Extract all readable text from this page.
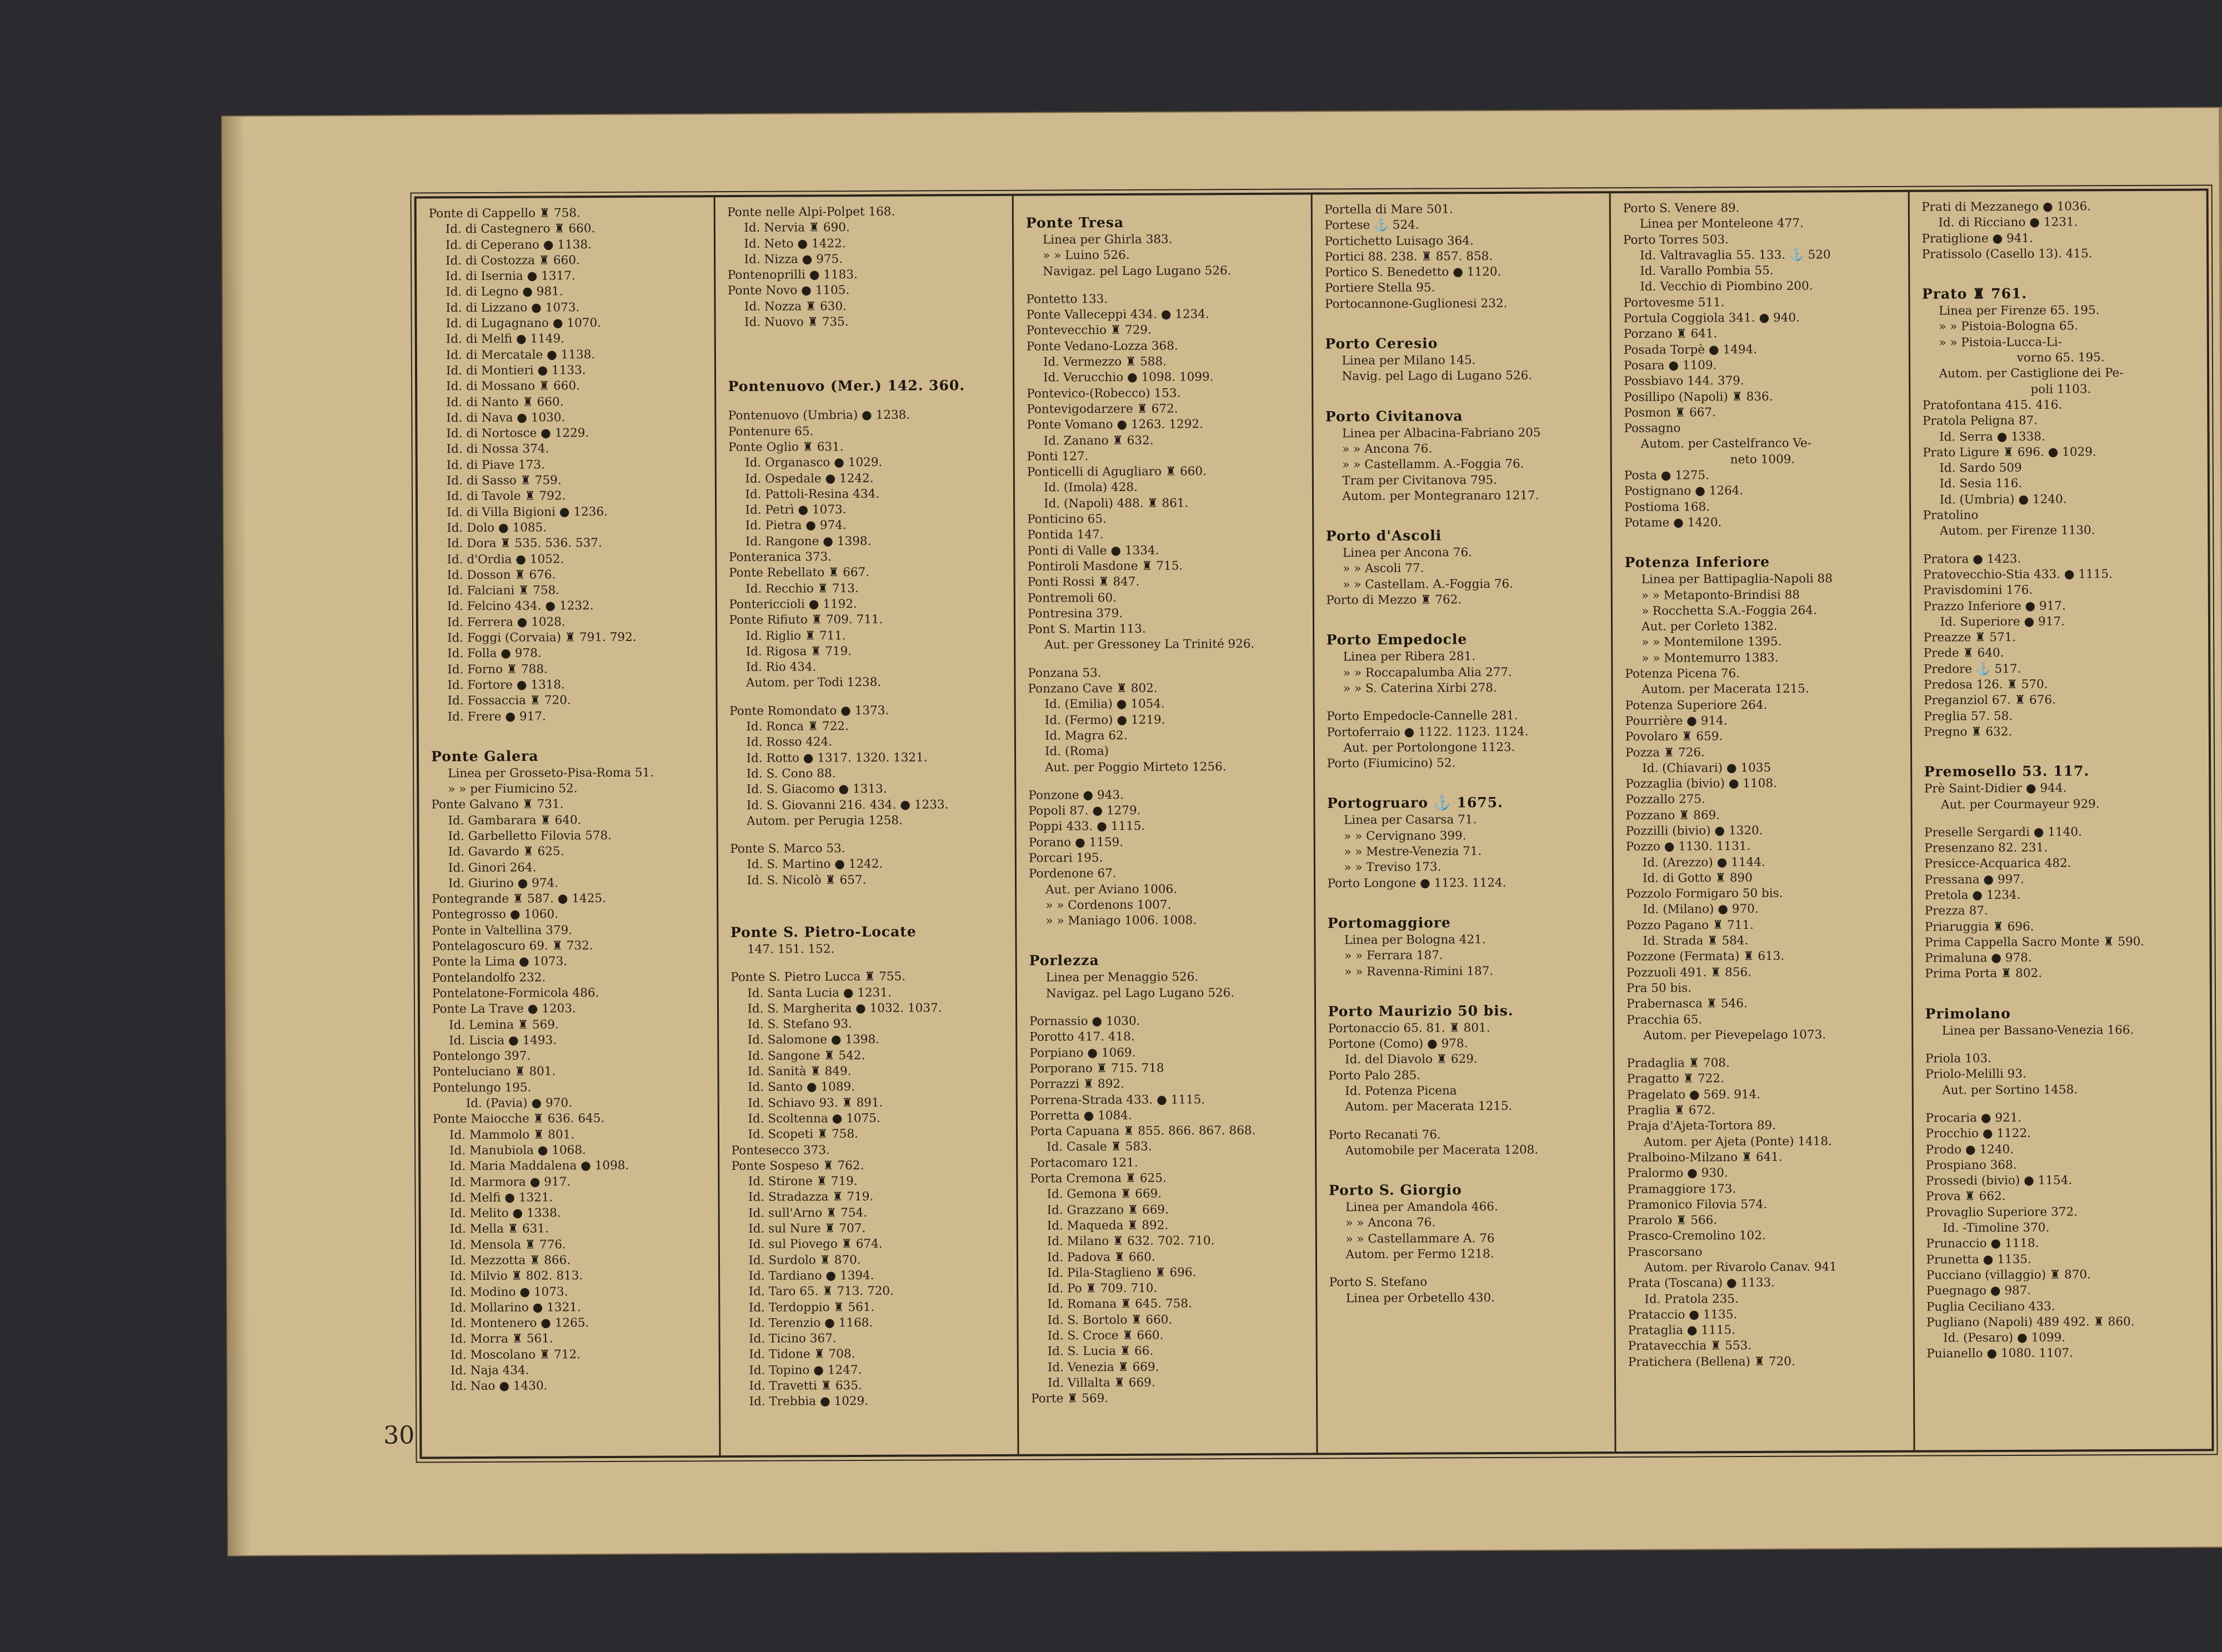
Ponte di Cappello ♜ 758.
Id. di Castegnero ♜ 660.
Id. di Ceperano ● 1138.
Id. di Costozza ♜ 660.
Id. di Isernia ● 1317.
Id. di Legno ● 981.
Id. di Lizzano ● 1073.
Id. di Lugagnano ● 1070.
Id. di Melfi ● 1149.
Id. di Mercatale ● 1138.
Id. di Montieri ● 1133.
Id. di Mossano ♜ 660.
Id. di Nanto ♜ 660.
Id. di Nava ● 1030.
Id. di Nortosce ● 1229.
Id. di Nossa 374.
Id. di Piave 173.
Id. di Sasso ♜ 759.
Id. di Tavole ♜ 792.
Id. di Villa Bigioni ● 1236.
Id. Dolo ● 1085.
Id. Dora ♜ 535. 536. 537.
Id. d'Ordia ● 1052.
Id. Dosson ♜ 676.
Id. Falciani ♜ 758.
Id. Felcino 434. ● 1232.
Id. Ferrera ● 1028.
Id. Foggi (Corvaia) ♜ 791. 792.
Id. Folla ● 978.
Id. Forno ♜ 788.
Id. Fortore ● 1318.
Id. Fossaccia ♜ 720.
Id. Frere ● 917.
Ponte Galera
Linea per Grosseto-Pisa-Roma 51.
» » per Fiumicino 52.
Ponte Galvano ♜ 731.
Id. Gambarara ♜ 640.
Id. Garbelletto Filovia 578.
Id. Gavardo ♜ 625.
Id. Ginori 264.
Id. Giurino ● 974.
Pontegrande ♜ 587. ● 1425.
Pontegrosso ● 1060.
Ponte in Valtellina 379.
Pontelagoscuro 69. ♜ 732.
Ponte la Lima ● 1073.
Pontelandolfo 232.
Pontelatone-Formicola 486.
Ponte La Trave ● 1203.
Id. Lemina ♜ 569.
Id. Liscia ● 1493.
Pontelongo 397.
Ponteluciano ♜ 801.
Pontelungo 195.
Id. (Pavia) ● 970.
Ponte Maiocche ♜ 636. 645.
Id. Mammolo ♜ 801.
Id. Manubiola ● 1068.
Id. Maria Maddalena ● 1098.
Id. Marmora ● 917.
Id. Melfi ● 1321.
Id. Melito ● 1338.
Id. Mella ♜ 631.
Id. Mensola ♜ 776.
Id. Mezzotta ♜ 866.
Id. Milvio ♜ 802. 813.
Id. Modino ● 1073.
Id. Mollarino ● 1321.
Id. Montenero ● 1265.
Id. Morra ♜ 561.
Id. Moscolano ♜ 712.
Id. Naja 434.
Id. Nao ● 1430.
Ponte nelle Alpi-Polpet 168.
Id. Nervia ♜ 690.
Id. Neto ● 1422.
Id. Nizza ● 975.
Pontenoprilli ● 1183.
Ponte Novo ● 1105.
Id. Nozza ♜ 630.
Id. Nuovo ♜ 735.
Pontenuovo (Mer.) 142. 360.
Pontenuovo (Umbria) ● 1238.
Pontenure 65.
Ponte Oglio ♜ 631.
Id. Organasco ● 1029.
Id. Ospedale ● 1242.
Id. Pattoli-Resina 434.
Id. Petrì ● 1073.
Id. Pietra ● 974.
Id. Rangone ● 1398.
Ponteranica 373.
Ponte Rebellato ♜ 667.
Id. Recchio ♜ 713.
Pontericcioli ● 1192.
Ponte Rifiuto ♜ 709. 711.
Id. Riglio ♜ 711.
Id. Rigosa ♜ 719.
Id. Rio 434.
Autom. per Todi 1238.
Ponte Romondato ● 1373.
Id. Ronca ♜ 722.
Id. Rosso 424.
Id. Rotto ● 1317. 1320. 1321.
Id. S. Cono 88.
Id. S. Giacomo ● 1313.
Id. S. Giovanni 216. 434. ● 1233.
Autom. per Perugia 1258.
Ponte S. Marco 53.
Id. S. Martino ● 1242.
Id. S. Nicolò ♜ 657.
Ponte S. Pietro-Locate
147. 151. 152.
Ponte S. Pietro Lucca ♜ 755.
Id. Santa Lucia ● 1231.
Id. S. Margherita ● 1032. 1037.
Id. S. Stefano 93.
Id. Salomone ● 1398.
Id. Sangone ♜ 542.
Id. Sanità ♜ 849.
Id. Santo ● 1089.
Id. Schiavo 93. ♜ 891.
Id. Scoltenna ● 1075.
Id. Scopeti ♜ 758.
Pontesecco 373.
Ponte Sospeso ♜ 762.
Id. Stirone ♜ 719.
Id. Stradazza ♜ 719.
Id. sull'Arno ♜ 754.
Id. sul Nure ♜ 707.
Id. sul Piovego ♜ 674.
Id. Surdolo ♜ 870.
Id. Tardiano ● 1394.
Id. Taro 65. ♜ 713. 720.
Id. Terdoppio ♜ 561.
Id. Terenzio ● 1168.
Id. Ticino 367.
Id. Tidone ♜ 708.
Id. Topino ● 1247.
Id. Travetti ♜ 635.
Id. Trebbia ● 1029.
Ponte Tresa
Linea per Ghirla 383.
» » Luino 526.
Navigaz. pel Lago Lugano 526.
Pontetto 133.
Ponte Valleceppi 434. ● 1234.
Pontevecchio ♜ 729.
Ponte Vedano-Lozza 368.
Id. Vermezzo ♜ 588.
Id. Verucchio ● 1098. 1099.
Pontevico-(Robecco) 153.
Pontevigodarzere ♜ 672.
Ponte Vomano ● 1263. 1292.
Id. Zanano ♜ 632.
Ponti 127.
Ponticelli di Agugliaro ♜ 660.
Id. (Imola) 428.
Id. (Napoli) 488. ♜ 861.
Ponticino 65.
Pontida 147.
Ponti di Valle ● 1334.
Pontiroli Masdone ♜ 715.
Ponti Rossi ♜ 847.
Pontremoli 60.
Pontresina 379.
Pont S. Martin 113.
Aut. per Gressoney La Trinité 926.
Ponzana 53.
Ponzano Cave ♜ 802.
Id. (Emilia) ● 1054.
Id. (Fermo) ● 1219.
Id. Magra 62.
Id. (Roma)
Aut. per Poggio Mirteto 1256.
Ponzone ● 943.
Popoli 87. ● 1279.
Poppi 433. ● 1115.
Porano ● 1159.
Porcari 195.
Pordenone 67.
Aut. per Aviano 1006.
» » Cordenons 1007.
» » Maniago 1006. 1008.
Porlezza
Linea per Menaggio 526.
Navigaz. pel Lago Lugano 526.
Pornassio ● 1030.
Porotto 417. 418.
Porpiano ● 1069.
Porporano ♜ 715. 718
Porrazzi ♜ 892.
Porrena-Strada 433. ● 1115.
Porretta ● 1084.
Porta Capuana ♜ 855. 866. 867. 868.
Id. Casale ♜ 583.
Portacomaro 121.
Porta Cremona ♜ 625.
Id. Gemona ♜ 669.
Id. Grazzano ♜ 669.
Id. Maqueda ♜ 892.
Id. Milano ♜ 632. 702. 710.
Id. Padova ♜ 660.
Id. Pila-Staglieno ♜ 696.
Id. Po ♜ 709. 710.
Id. Romana ♜ 645. 758.
Id. S. Bortolo ♜ 660.
Id. S. Croce ♜ 660.
Id. S. Lucia ♜ 66.
Id. Venezia ♜ 669.
Id. Villalta ♜ 669.
Porte ♜ 569.
Portella di Mare 501.
Portese ⚓ 524.
Portichetto Luisago 364.
Portici 88. 238. ♜ 857. 858.
Portico S. Benedetto ● 1120.
Portiere Stella 95.
Portocannone-Guglionesi 232.
Porto Ceresio
Linea per Milano 145.
Navig. pel Lago di Lugano 526.
Porto Civitanova
Linea per Albacina-Fabriano 205
» » Ancona 76.
» » Castellamm. A.-Foggia 76.
Tram per Civitanova 795.
Autom. per Montegranaro 1217.
Porto d'Ascoli
Linea per Ancona 76.
» » Ascoli 77.
» » Castellam. A.-Foggia 76.
Porto di Mezzo ♜ 762.
Porto Empedocle
Linea per Ribera 281.
» » Roccapalumba Alia 277.
» » S. Caterina Xirbi 278.
Porto Empedocle-Cannelle 281.
Portoferraio ● 1122. 1123. 1124.
Aut. per Portolongone 1123.
Porto (Fiumicino) 52.
Portogruaro ⚓ 1675.
Linea per Casarsa 71.
» » Cervignano 399.
» » Mestre-Venezia 71.
» » Treviso 173.
Porto Longone ● 1123. 1124.
Portomaggiore
Linea per Bologna 421.
» » Ferrara 187.
» » Ravenna-Rimini 187.
Porto Maurizio 50 bis.
Portonaccio 65. 81. ♜ 801.
Portone (Como) ● 978.
Id. del Diavolo ♜ 629.
Porto Palo 285.
Id. Potenza Picena
Autom. per Macerata 1215.
Porto Recanati 76.
Automobile per Macerata 1208.
Porto S. Giorgio
Linea per Amandola 466.
» » Ancona 76.
» » Castellammare A. 76
Autom. per Fermo 1218.
Porto S. Stefano
Linea per Orbetello 430.
Porto S. Venere 89.
Linea per Monteleone 477.
Porto Torres 503.
Id. Valtravaglia 55. 133. ⚓ 520
Id. Varallo Pombia 55.
Id. Vecchio di Piombino 200.
Portovesme 511.
Portula Coggiola 341. ● 940.
Porzano ♜ 641.
Posada Torpè ● 1494.
Posara ● 1109.
Possbiavo 144. 379.
Posillipo (Napoli) ♜ 836.
Posmon ♜ 667.
Possagno
Autom. per Castelfranco Ve-
neto 1009.
Posta ● 1275.
Postignano ● 1264.
Postioma 168.
Potame ● 1420.
Potenza Inferiore
Linea per Battipaglia-Napoli 88
» » Metaponto-Brindisi 88
» Rocchetta S.A.-Foggia 264.
Aut. per Corleto 1382.
» » Montemilone 1395.
» » Montemurro 1383.
Potenza Picena 76.
Autom. per Macerata 1215.
Potenza Superiore 264.
Pourrière ● 914.
Povolaro ♜ 659.
Pozza ♜ 726.
Id. (Chiavari) ● 1035
Pozzaglia (bivio) ● 1108.
Pozzallo 275.
Pozzano ♜ 869.
Pozzilli (bivio) ● 1320.
Pozzo ● 1130. 1131.
Id. (Arezzo) ● 1144.
Id. di Gotto ♜ 890
Pozzolo Formigaro 50 bis.
Id. (Milano) ● 970.
Pozzo Pagano ♜ 711.
Id. Strada ♜ 584.
Pozzone (Fermata) ♜ 613.
Pozzuoli 491. ♜ 856.
Pra 50 bis.
Prabernasca ♜ 546.
Pracchia 65.
Autom. per Pievepelago 1073.
Pradaglia ♜ 708.
Pragatto ♜ 722.
Pragelato ● 569. 914.
Praglia ♜ 672.
Praja d'Ajeta-Tortora 89.
Autom. per Ajeta (Ponte) 1418.
Pralboino-Milzano ♜ 641.
Pralormo ● 930.
Pramaggiore 173.
Pramonico Filovia 574.
Prarolo ♜ 566.
Prasco-Cremolino 102.
Prascorsano
Autom. per Rivarolo Canav. 941
Prata (Toscana) ● 1133.
Id. Pratola 235.
Prataccio ● 1135.
Prataglia ● 1115.
Pratavecchia ♜ 553.
Pratichera (Bellena) ♜ 720.
Prati di Mezzanego ● 1036.
Id. di Ricciano ● 1231.
Pratiglione ● 941.
Pratissolo (Casello 13). 415.
Prato ♜ 761.
Linea per Firenze 65. 195.
» » Pistoia-Bologna 65.
» » Pistoia-Lucca-Li-
vorno 65. 195.
Autom. per Castiglione dei Pe-
poli 1103.
Pratofontana 415. 416.
Pratola Peligna 87.
Id. Serra ● 1338.
Prato Ligure ♜ 696. ● 1029.
Id. Sardo 509
Id. Sesia 116.
Id. (Umbria) ● 1240.
Pratolino
Autom. per Firenze 1130.
Pratora ● 1423.
Pratovecchio-Stia 433. ● 1115.
Pravisdomini 176.
Prazzo Inferiore ● 917.
Id. Superiore ● 917.
Preazze ♜ 571.
Prede ♜ 640.
Predore ⚓ 517.
Predosa 126. ♜ 570.
Preganziol 67. ♜ 676.
Preglia 57. 58.
Pregno ♜ 632.
Premosello 53. 117.
Prè Saint-Didier ● 944.
Aut. per Courmayeur 929.
Preselle Sergardi ● 1140.
Presenzano 82. 231.
Presicce-Acquarica 482.
Pressana ● 997.
Pretola ● 1234.
Prezza 87.
Priaruggia ♜ 696.
Prima Cappella Sacro Monte ♜ 590.
Primaluna ● 978.
Prima Porta ♜ 802.
Primolano
Linea per Bassano-Venezia 166.
Priola 103.
Priolo-Melilli 93.
Aut. per Sortino 1458.
Procaria ● 921.
Procchio ● 1122.
Prodo ● 1240.
Prospiano 368.
Prossedi (bivio) ● 1154.
Prova ♜ 662.
Provaglio Superiore 372.
Id. -Timoline 370.
Prunaccio ● 1118.
Prunetta ● 1135.
Pucciano (villaggio) ♜ 870.
Puegnago ● 987.
Puglia Ceciliano 433.
Pugliano (Napoli) 489 492. ♜ 860.
Id. (Pesaro) ● 1099.
Puianello ● 1080. 1107.
30
